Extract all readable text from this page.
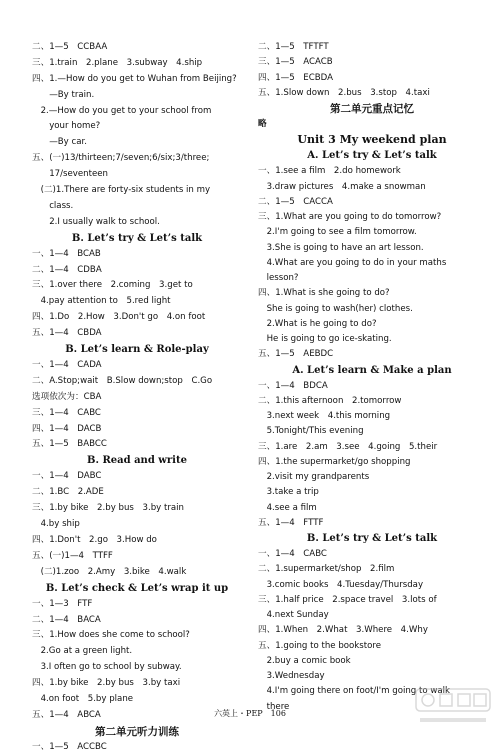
二、1—5　CCBAA
三、1.train　2.plane　3.subway　4.ship
四、1.—How do you get to Wuhan from Beijing?
　　—By train.
　2.—How do you get to your school from
　　your home?
　　—By car.
五、(一)13/thirteen;7/seven;6/six;3/three;
　　17/seventeen
　(二)1.There are forty-six students in my
　　class.
　　2.I usually walk to school.
B. Let’s try & Let’s talk
一、1—4　BCAB
二、1—4　CDBA
三、1.over there　2.coming　3.get to
　4.pay attention to　5.red light
四、1.Do　2.How　3.Don't go　4.on foot
五、1—4　CBDA
B. Let’s learn & Role-play
一、1—4　CADA
二、A.Stop;wait　B.Slow down;stop　C.Go
选项依次为：CBA
三、1—4　CABC
四、1—4　DACB
五、1—5　BABCC
B. Read and write
一、1—4　DABC
二、1.BC　2.ADE
三、1.by bike　2.by bus　3.by train
　4.by ship
四、1.Don't　2.go　3.How do
五、(一)1—4　TTFF
　(二)1.zoo　2.Amy　3.bike　4.walk
B. Let’s check & Let’s wrap it up
一、1—3　FTF
二、1—4　BACA
三、1.How does she come to school?
　2.Go at a green light.
　3.I often go to school by subway.
四、1.by bike　2.by bus　3.by taxi
　4.on foot　5.by plane
五、1—4　ABCA
第二单元听力训练
一、1—5　ACCBC
二、1—5　TFTFT
三、1—5　ACACB
四、1—5　ECBDA
五、1.Slow down　2.bus　3.stop　4.taxi
第二单元重点记忆
略
Unit 3 My weekend plan
A. Let’s try & Let’s talk
一、1.see a film　2.do homework
　3.draw pictures　4.make a snowman
二、1—5　CACCA
三、1.What are you going to do tomorrow?
　2.I'm going to see a film tomorrow.
　3.She is going to have an art lesson.
　4.What are you going to do in your maths
　lesson?
四、1.What is she going to do?
　She is going to wash(her) clothes.
　2.What is he going to do?
　He is going to go ice-skating.
五、1—5　AEBDC
A. Let’s learn & Make a plan
一、1—4　BDCA
二、1.this afternoon　2.tomorrow
　3.next week　4.this morning
　5.Tonight/This evening
三、1.are　2.am　3.see　4.going　5.their
四、1.the supermarket/go shopping
　2.visit my grandparents
　3.take a trip
　4.see a film
五、1—4　FTTF
B. Let’s try & Let’s talk
一、1—4　CABC
二、1.supermarket/shop　2.film
　3.comic books　4.Tuesday/Thursday
三、1.half price　2.space travel　3.lots of
　4.next Sunday
四、1.When　2.What　3.Where　4.Why
五、1.going to the bookstore
　2.buy a comic book
　3.Wednesday
　4.I'm going there on foot/I'm going to walk
　there
六英上・PEP　106
